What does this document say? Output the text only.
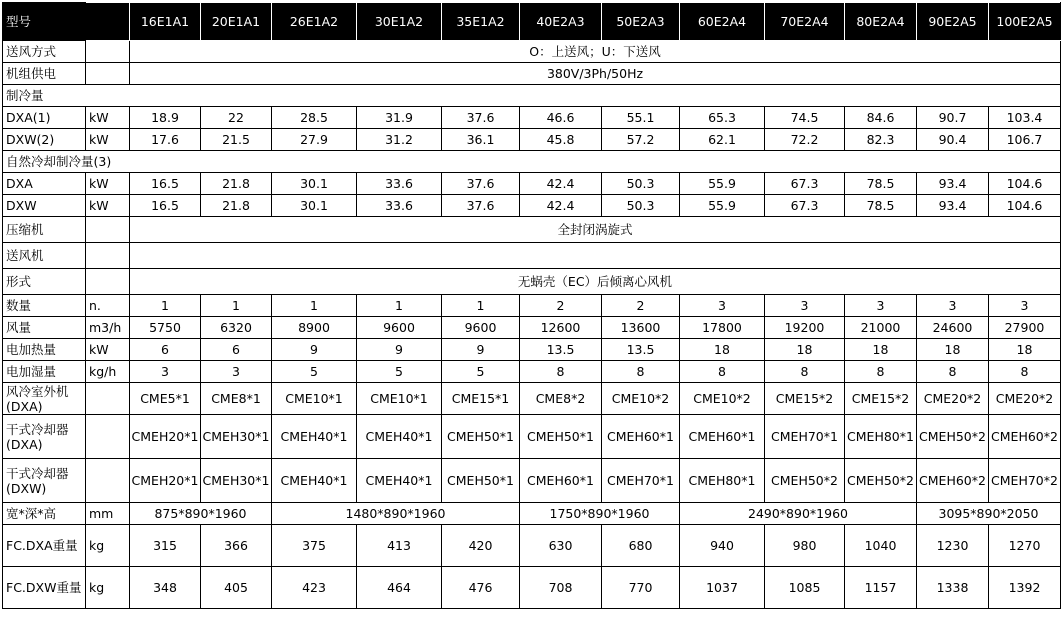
型号		16E1A1	20E1A1	26E1A2	30E1A2	35E1A2	40E2A3	50E2A3	60E2A4	70E2A4	80E2A4	90E2A5	100E2A5
送风方式		O：上送风；U：下送风											
机组供电		380V/3Ph/50Hz											
制冷量													
DXA(1)	kW	18.9	22	28.5	31.9	37.6	46.6	55.1	65.3	74.5	84.6	90.7	103.4
DXW(2)	kW	17.6	21.5	27.9	31.2	36.1	45.8	57.2	62.1	72.2	82.3	90.4	106.7
自然冷却制冷量(3)													
DXA	kW	16.5	21.8	30.1	33.6	37.6	42.4	50.3	55.9	67.3	78.5	93.4	104.6
DXW	kW	16.5	21.8	30.1	33.6	37.6	42.4	50.3	55.9	67.3	78.5	93.4	104.6
压缩机		全封闭涡旋式											
送风机													
形式		无蜗壳（EC）后倾离心风机											
数量	n.	1	1	1	1	1	2	2	3	3	3	3	3
风量	m3/h	5750	6320	8900	9600	9600	12600	13600	17800	19200	21000	24600	27900
电加热量	kW	6	6	9	9	9	13.5	13.5	18	18	18	18	18
电加湿量	kg/h	3	3	5	5	5	8	8	8	8	8	8	8
风冷室外机 (DXA)		CME5*1	CME8*1	CME10*1	CME10*1	CME15*1	CME8*2	CME10*2	CME10*2	CME15*2	CME15*2	CME20*2	CME20*2
干式冷却器 (DXA)		CMEH20*1	CMEH30*1	CMEH40*1	CMEH40*1	CMEH50*1	CMEH50*1	CMEH60*1	CMEH60*1	CMEH70*1	CMEH80*1	CMEH50*2	CMEH60*2
干式冷却器 (DXW)		CMEH20*1	CMEH30*1	CMEH40*1	CMEH40*1	CMEH50*1	CMEH60*1	CMEH70*1	CMEH80*1	CMEH50*2	CMEH50*2	CMEH60*2	CMEH70*2
宽*深*高	mm	875*890*1960		1480*890*1960			1750*890*1960		2490*890*1960			3095*890*2050	
FC.DXA重量	kg	315	366	375	413	420	630	680	940	980	1040	1230	1270
FC.DXW重量	kg	348	405	423	464	476	708	770	1037	1085	1157	1338	1392
